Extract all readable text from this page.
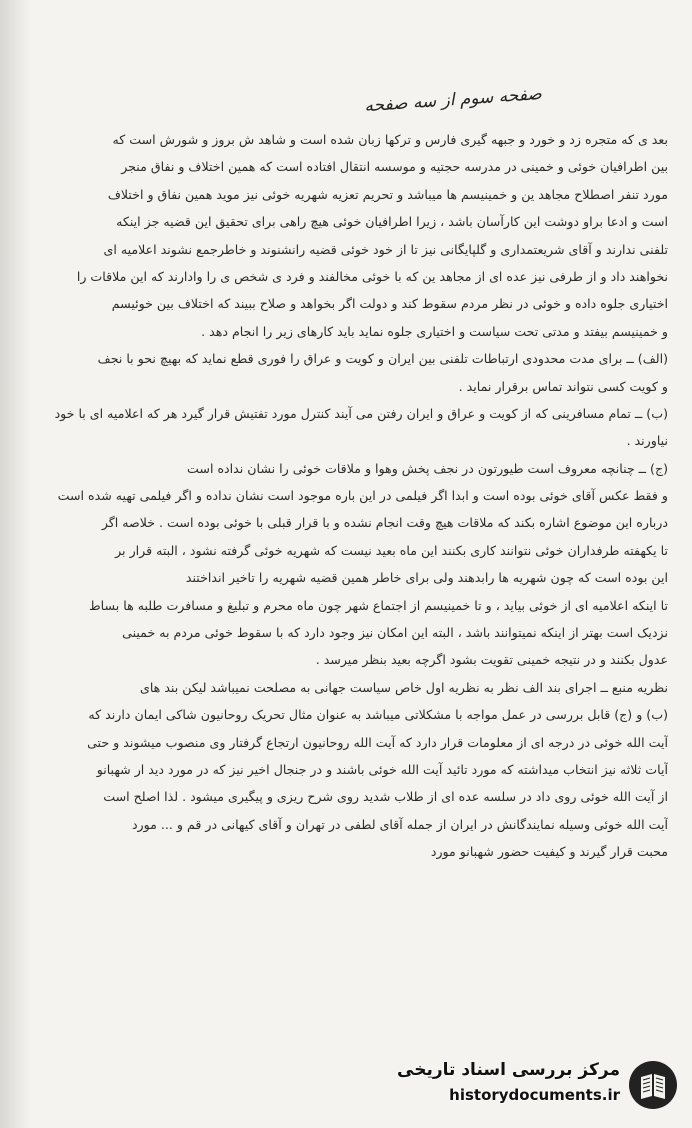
صفحه سوم از سه صفحه
بعد ی که متجره زد و خورد و جبهه گیری فارس و ترکها زبان شده است و شاهد ش بروز و شورش است که
بین اطرافیان خوئی و خمینی در مدرسه حجتیه و موسسه انتقال افتاده است که همین اختلاف و نفاق منجر
مورد تنفر اصطلاح مجاهد ین و خمینیسم ها میباشد و تحریم تعزیه شهریه خوئی نیز موید همین نفاق و اختلاف
است و ادعا براو دوشت این کارآسان باشد ، زیرا اطرافیان خوئی هیچ راهی برای تحقیق این قضیه جز اینکه
تلفنی ندارند و آقای شریعتمداری و گلپایگانی نیز تا از خود خوئی قضیه رانشنوند و خاطرجمع نشوند اعلامیه ای
نخواهند داد و از طرفی نیز عده ای از مجاهد ین که با خوئی مخالفند و فرد ی شخص ی را وادارند که این ملاقات را
اختیاری جلوه داده و خوئی در نظر مردم سقوط کند و دولت اگر بخواهد و صلاح ببیند که اختلاف بین خوئیسم
و خمینیسم بیفتد و مدتی تحت سیاست و اختیاری جلوه نماید باید کارهای زیر را انجام دهد .
(الف) ــ برای مدت محدودی ارتباطات تلفنی بین ایران و کویت و عراق را فوری قطع نماید که بهیچ نحو با نجف
و کویت کسی نتواند تماس برقرار نماید .
(ب) ــ تمام مسافرینی که از کویت و عراق و ایران رفتن می آیند کنترل مورد تفتیش قرار گیرد هر که اعلامیه ای با خود
نیاورند .
(ج) ــ چنانچه معروف است طیورتون در نجف پخش وهوا و ملاقات خوئی را نشان نداده است
و فقط عکس آقای خوئی بوده است و ابدا اگر فیلمی در این باره موجود است نشان نداده و اگر فیلمی تهیه شده است
درباره این موضوع اشاره بکند که ملاقات هیچ وقت انجام نشده و با قرار قبلی با خوئی بوده است . خلاصه اگر
تا یکهفته طرفداران خوئی نتوانند کاری بکنند این ماه بعید نیست که شهریه خوئی گرفته نشود ، البته قرار بر
این بوده است که چون شهریه ها رابدهند ولی برای خاطر همین قضیه شهریه را تاخیر انداختند
تا اینکه اعلامیه ای از خوئی بیاید ، و تا خمینیسم از اجتماع شهر چون ماه محرم و تبلیغ و مسافرت طلبه ها بساط
نزدیک است بهتر از اینکه نمیتوانند باشد ، البته این امکان نیز وجود دارد که با سقوط خوئی مردم به خمینی
عدول بکنند و در نتیجه خمینی تقویت بشود اگرچه بعید بنظر میرسد .
نظریه منبع ــ اجرای بند الف نظر به نظریه اول خاص سیاست جهانی به مصلحت نمیباشد لیکن بند های
(ب) و (ج) قابل بررسی در عمل مواجه با مشکلاتی میباشد به عنوان مثال تحریک روحانیون شاکی ایمان دارند که
آیت الله خوئی در درجه ای از معلومات قرار دارد که آیت الله روحانیون ارتجاع گرفتار وی منصوب میشوند و حتی
آیات ثلاثه نیز انتخاب میداشته که مورد تائید آیت الله خوئی باشند و در جنجال اخیر نیز که در مورد دید ار شهبانو
از آیت الله خوئی روی داد در سلسه عده ای از طلاب شدید روی شرح ریزی و پیگیری میشود . لذا اصلح است
آیت الله خوئی وسیله نمایندگانش در ایران از جمله آقای لطفی در تهران و آقای کیهانی در قم و ... مورد
محبت قرار گیرند و کیفیت حضور شهبانو مورد
مرکز بررسی اسناد تاریخی
historydocuments.ir
